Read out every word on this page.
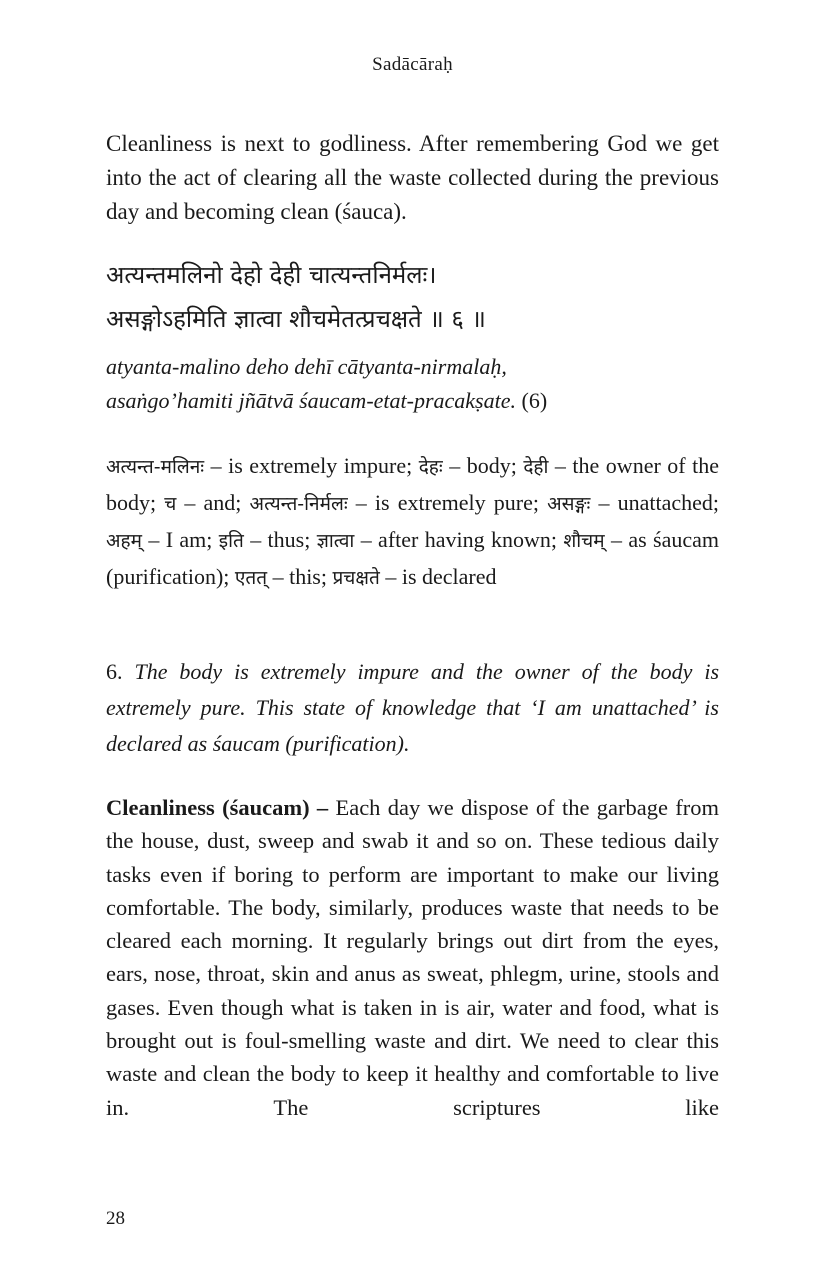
Sadācāraḥ

Cleanliness is next to godliness. After remembering God we get into the act of clearing all the waste collected during the previous day and becoming clean (śauca).

अत्यन्तमलिनो देहो देही चात्यन्तनिर्मलः।
असङ्गोऽहमिति ज्ञात्वा शौचमेतत्प्रचक्षते ॥ ६ ॥

atyanta-malino deho dehī cātyanta-nirmalaḥ,
asaṅgo’hamiti jñātvā śaucam-etat-pracakṣate. (6)

अत्यन्त-मलिनः – is extremely impure; देहः – body; देही – the owner of the body; च – and; अत्यन्त-निर्मलः – is extremely pure; असङ्गः – unattached; अहम् – I am; इति – thus; ज्ञात्वा – after having known; शौचम् – as śaucam (purification); एतत् – this; प्रचक्षते – is declared

6. The body is extremely impure and the owner of the body is extremely pure. This state of knowledge that ‘I am unattached’ is declared as śaucam (purification).

Cleanliness (śaucam) – Each day we dispose of the garbage from the house, dust, sweep and swab it and so on. These tedious daily tasks even if boring to perform are important to make our living comfortable. The body, similarly, produces waste that needs to be cleared each morning. It regularly brings out dirt from the eyes, ears, nose, throat, skin and anus as sweat, phlegm, urine, stools and gases. Even though what is taken in is air, water and food, what is brought out is foul-smelling waste and dirt. We need to clear this waste and clean the body to keep it healthy and comfortable to live in. The scriptures like

28
